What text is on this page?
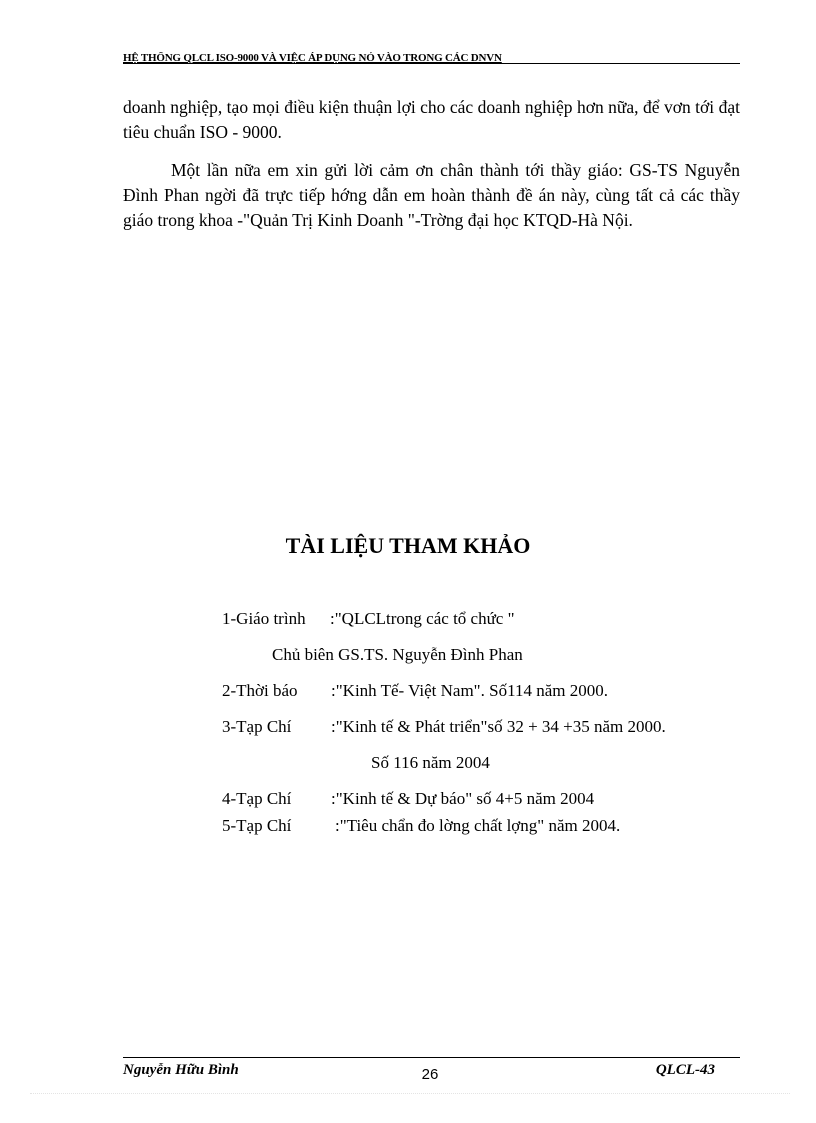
HỆ THỐNG QLCL ISO-9000 VÀ VIỆC ÁP DỤNG NÓ VÀO TRONG CÁC DNVN

doanh nghiệp, tạo mọi điều kiện thuận lợi cho các doanh nghiệp hơn nữa, để vơn tới đạt tiêu chuẩn ISO - 9000.

Một lần nữa em xin gửi lời cảm ơn chân thành tới thầy giáo: GS-TS Nguyễn Đình Phan ngời đã trực tiếp hớng dẫn em hoàn thành đề án này, cùng tất cả các thầy giáo trong khoa -"Quản Trị Kinh Doanh "-Trờng đại học KTQD-Hà Nội.

TÀI LIỆU THAM KHẢO

1-Giáo trình :"QLCLtrong các tổ chức "

Chủ biên GS.TS. Nguyễn Đình Phan

2-Thời báo :"Kinh Tế- Việt Nam". Số114 năm 2000.

3-Tạp Chí :"Kinh tế & Phát triển"số 32 + 34 +35 năm 2000.

Số 116 năm 2004

4-Tạp Chí :"Kinh tế & Dự báo" số 4+5 năm 2004

5-Tạp Chí	:"Tiêu chẩn đo lờng chất lợng" năm 2004.

Nguyễn Hữu Bình	26	QLCL-43
